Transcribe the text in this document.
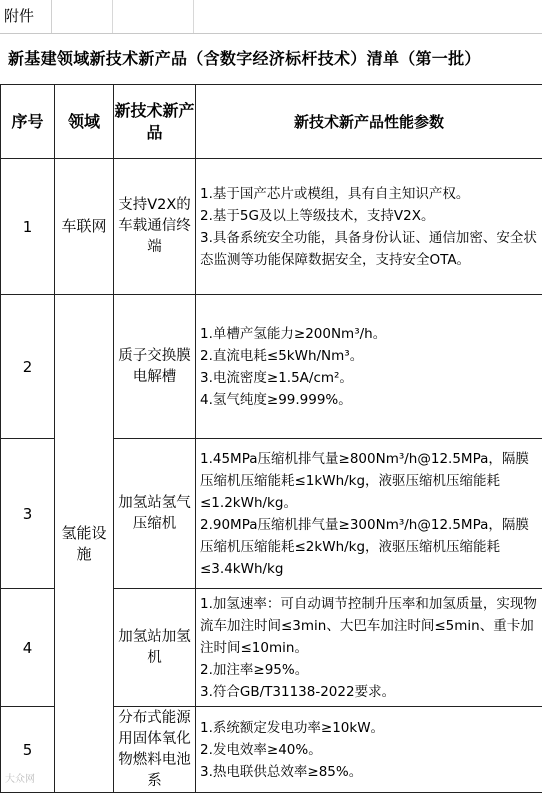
附件
新基建领域新技术新产品（含数字经济标杆技术）清单（第一批）
序号	领域	新技术新产品	新技术新产品性能参数
1	车联网	支持V2X的车载通信终端	1.基于国产芯片或模组，具有自主知识产权。
2.基于5G及以上等级技术，支持V2X。
3.具备系统安全功能，具备身份认证、通信加密、安全状态监测等功能保障数据安全，支持安全OTA。

2	氢能设施	质子交换膜电解槽	1.单槽产氢能力≥200Nm³/h。
2.直流电耗≤5kWh/Nm³。
3.电流密度≥1.5A/cm²。
4.氢气纯度≥99.999%。

3		加氢站氢气压缩机	1.45MPa压缩机排气量≥800Nm³/h@12.5MPa，隔膜压缩机压缩能耗≤1kWh/kg，液驱压缩机压缩能耗≤1.2kWh/kg。
2.90MPa压缩机排气量≥300Nm³/h@12.5MPa，隔膜压缩机压缩能耗≤2kWh/kg，液驱压缩机压缩能耗≤3.4kWh/kg

4		加氢站加氢机	1.加氢速率：可自动调节控制升压率和加氢质量，实现物流车加注时间≤3min、大巴车加注时间≤5min、重卡加注时间≤10min。
2.加注率≥95%。
3.符合GB/T31138-2022要求。

5		分布式能源用固体氧化物燃料电池系	1.系统额定发电功率≥10kW。
2.发电效率≥40%。
3.热电联供总效率≥85%。
大众网
